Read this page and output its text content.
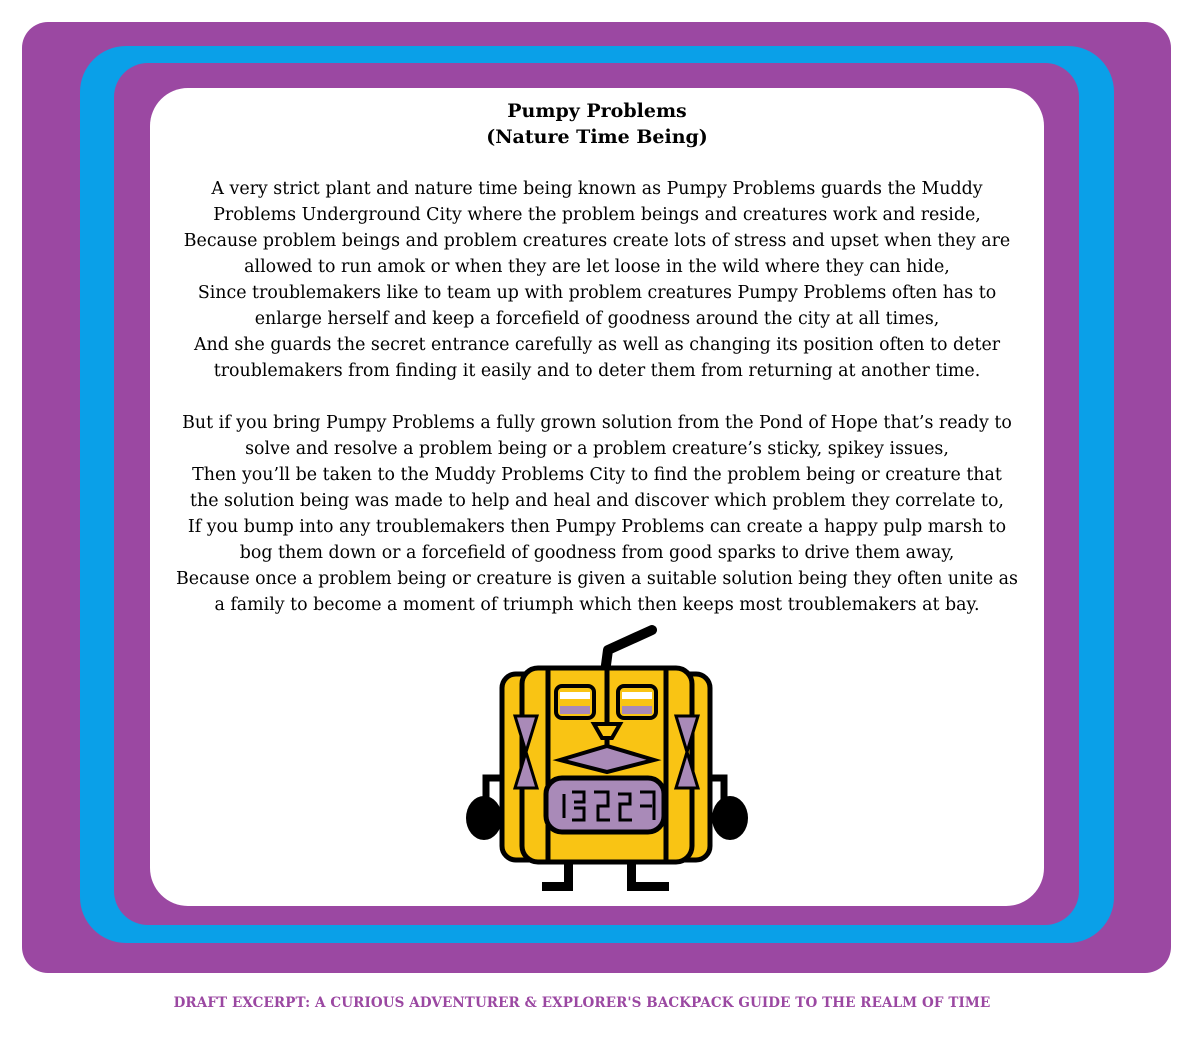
Pumpy Problems
(Nature Time Being)
A very strict plant and nature time being known as Pumpy Problems guards the Muddy
Problems Underground City where the problem beings and creatures work and reside,
Because problem beings and problem creatures create lots of stress and upset when they are
allowed to run amok or when they are let loose in the wild where they can hide,
Since troublemakers like to team up with problem creatures Pumpy Problems often has to
enlarge herself and keep a forcefield of goodness around the city at all times,
And she guards the secret entrance carefully as well as changing its position often to deter
troublemakers from finding it easily and to deter them from returning at another time.
But if you bring Pumpy Problems a fully grown solution from the Pond of Hope that’s ready to
solve and resolve a problem being or a problem creature’s sticky, spikey issues,
Then you’ll be taken to the Muddy Problems City to find the problem being or creature that
the solution being was made to help and heal and discover which problem they correlate to,
If you bump into any troublemakers then Pumpy Problems can create a happy pulp marsh to
bog them down or a forcefield of goodness from good sparks to drive them away,
Because once a problem being or creature is given a suitable solution being they often unite as
a family to become a moment of triumph which then keeps most troublemakers at bay.
DRAFT EXCERPT: A CURIOUS ADVENTURER & EXPLORER'S BACKPACK GUIDE TO THE REALM OF TIME
